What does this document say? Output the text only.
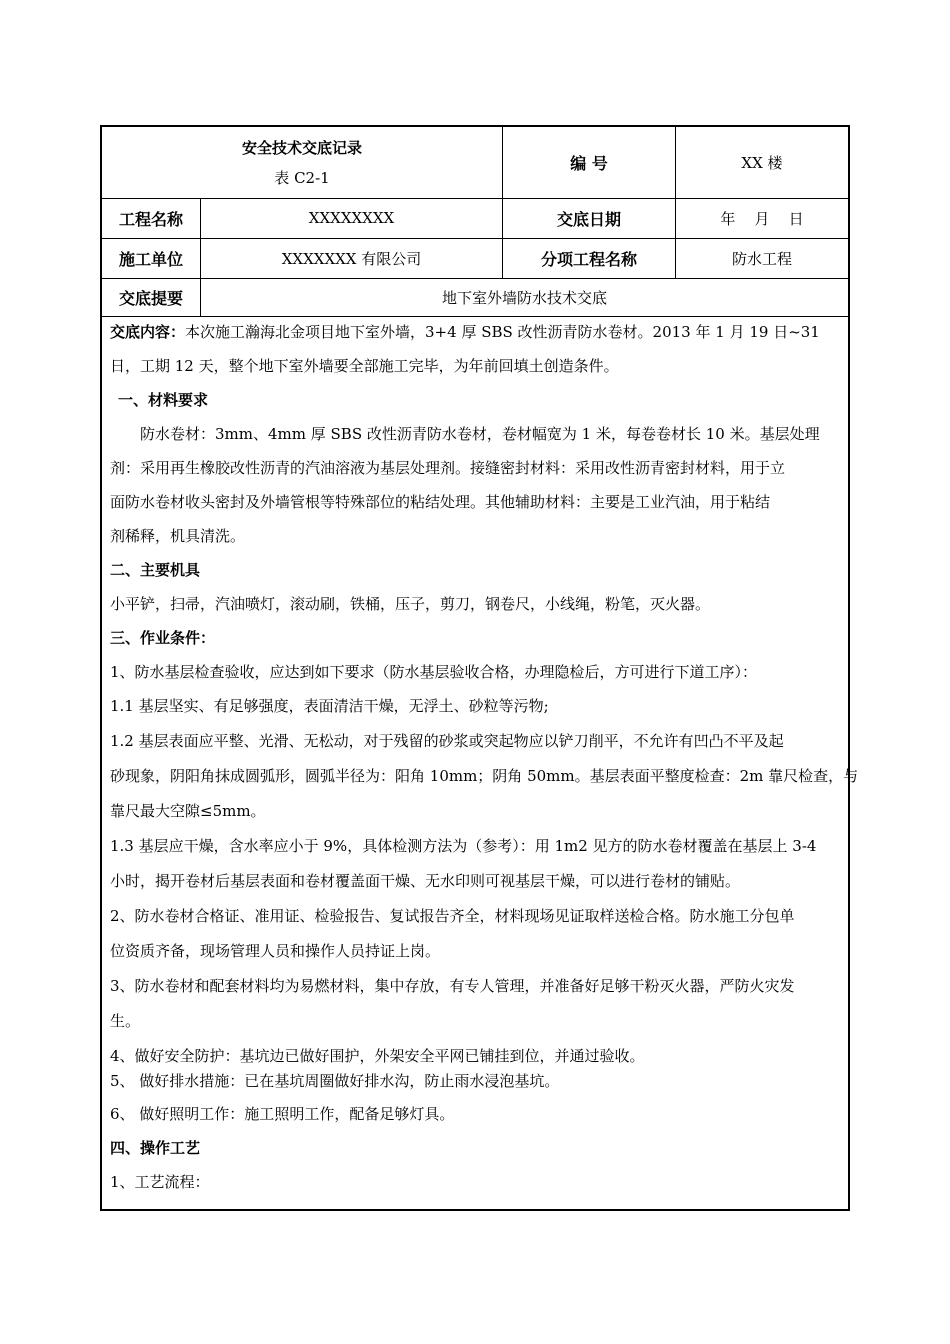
安全技术交底记录
表 C2-1
编 号	XX 楼
工程名称	XXXXXXXX	交底日期	年    月    日
施工单位	XXXXXXX 有限公司	分项工程名称	防水工程
交底提要	地下室外墙防水技术交底
交底内容：本次施工瀚海北金项目地下室外墙，3+4 厚 SBS 改性沥青防水卷材。2013 年 1 月 19 日~31
日，工期 12 天，整个地下室外墙要全部施工完毕，为年前回填土创造条件。
一、材料要求
防水卷材：3mm、4mm 厚 SBS 改性沥青防水卷材，卷材幅宽为 1 米，每卷卷材长 10 米。基层处理
剂：采用再生橡胶改性沥青的汽油溶液为基层处理剂。接缝密封材料：采用改性沥青密封材料，用于立
面防水卷材收头密封及外墙管根等特殊部位的粘结处理。其他辅助材料：主要是工业汽油，用于粘结
剂稀释，机具清洗。
二、主要机具
小平铲，扫帚，汽油喷灯，滚动刷，铁桶，压子，剪刀，钢卷尺，小线绳，粉笔，灭火器。
三、作业条件：
1、防水基层检查验收，应达到如下要求（防水基层验收合格，办理隐检后，方可进行下道工序）：
1.1 基层坚实、有足够强度，表面清洁干燥，无浮土、砂粒等污物;
1.2 基层表面应平整、光滑、无松动，对于残留的砂浆或突起物应以铲刀削平，不允许有凹凸不平及起
砂现象，阴阳角抹成圆弧形，圆弧半径为：阳角 10mm；阴角 50mm。基层表面平整度检查：2m 靠尺检查，与
靠尺最大空隙≤5mm。
1.3 基层应干燥，含水率应小于 9%，具体检测方法为（参考）：用 1m2 见方的防水卷材覆盖在基层上 3-4
小时，揭开卷材后基层表面和卷材覆盖面干燥、无水印则可视基层干燥，可以进行卷材的铺贴。
2、防水卷材合格证、准用证、检验报告、复试报告齐全，材料现场见证取样送检合格。防水施工分包单
位资质齐备，现场管理人员和操作人员持证上岗。
3、防水卷材和配套材料均为易燃材料，集中存放，有专人管理，并准备好足够干粉灭火器，严防火灾发
生。
4、做好安全防护：基坑边已做好围护，外架安全平网已铺挂到位，并通过验收。
5、 做好排水措施：已在基坑周圈做好排水沟，防止雨水浸泡基坑。
6、 做好照明工作：施工照明工作，配备足够灯具。
四、操作工艺
1、工艺流程：
